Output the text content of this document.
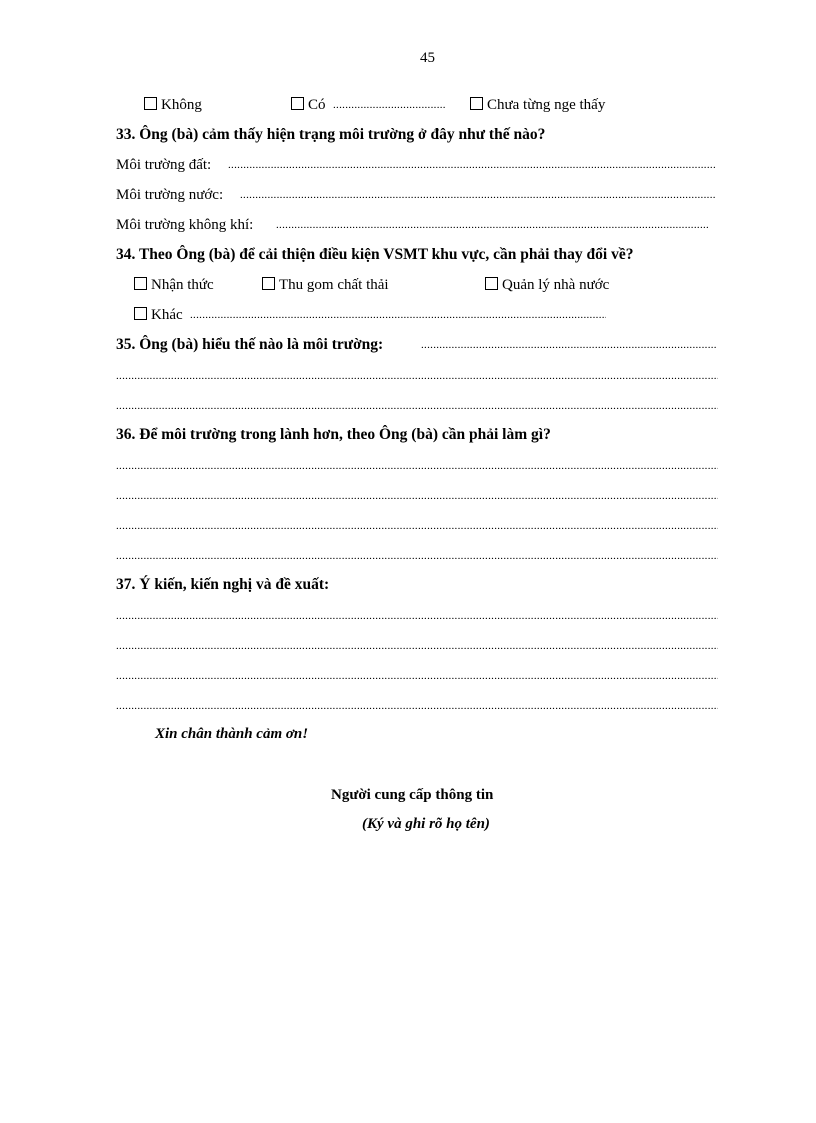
45
Không	Có
.....	Chưa từng nge thấy
33. Ông (bà) cảm thấy hiện trạng môi trường ở đây như thế nào?
Môi trường đất:
.....
Môi trường nước:
.....
Môi trường không khí:
.....
34. Theo Ông (bà) để cải thiện điều kiện VSMT khu vực, cần phải thay đổi về?
Nhận thức	Thu gom chất thải	Quản lý nhà nước
Khác
.....
35. Ông (bà) hiểu thế nào là môi trường:
.....
.....
.....
36. Để môi trường trong lành hơn, theo Ông (bà) cần phải làm gì?
.....
.....
.....
.....
37. Ý kiến, kiến nghị và đề xuất:
.....
.....
.....
.....
Xin chân thành cảm ơn!
Người cung cấp thông tin
(Ký và ghi rõ họ tên)
